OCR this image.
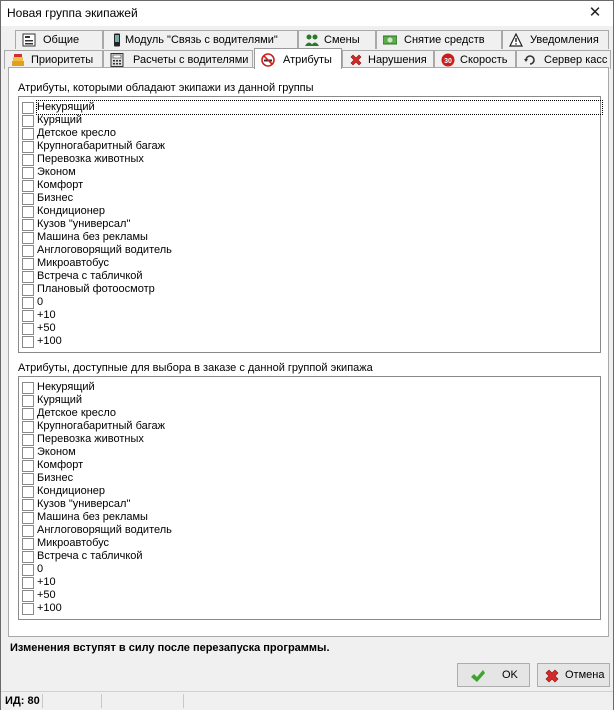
Новая группа экипажей	✕
Общие	Модуль "Связь с водителями"	Смены	Снятие средств	Уведомления
Приоритеты	Расчеты с водителями	Атрибуты	Нарушения 30 Скорость	Сервер касс
Атрибуты, которыми обладают экипажи из данной группы
Некурящий
Курящий
Детское кресло
Крупногабаритный багаж
Перевозка животных
Эконом
Комфорт
Бизнес
Кондиционер
Кузов "универсал"
Машина без рекламы
Англоговорящий водитель
Микроавтобус
Встреча с табличкой
Плановый фотоосмотр
0
+10
+50
+100
Атрибуты, доступные для выбора в заказе с данной группой экипажа
Некурящий
Курящий
Детское кресло
Крупногабаритный багаж
Перевозка животных
Эконом
Комфорт
Бизнес
Кондиционер
Кузов "универсал"
Машина без рекламы
Англоговорящий водитель
Микроавтобус
Встреча с табличкой
0
+10
+50
+100
Изменения вступят в силу после перезапуска программы.
OK	Отмена
ИД: 80
